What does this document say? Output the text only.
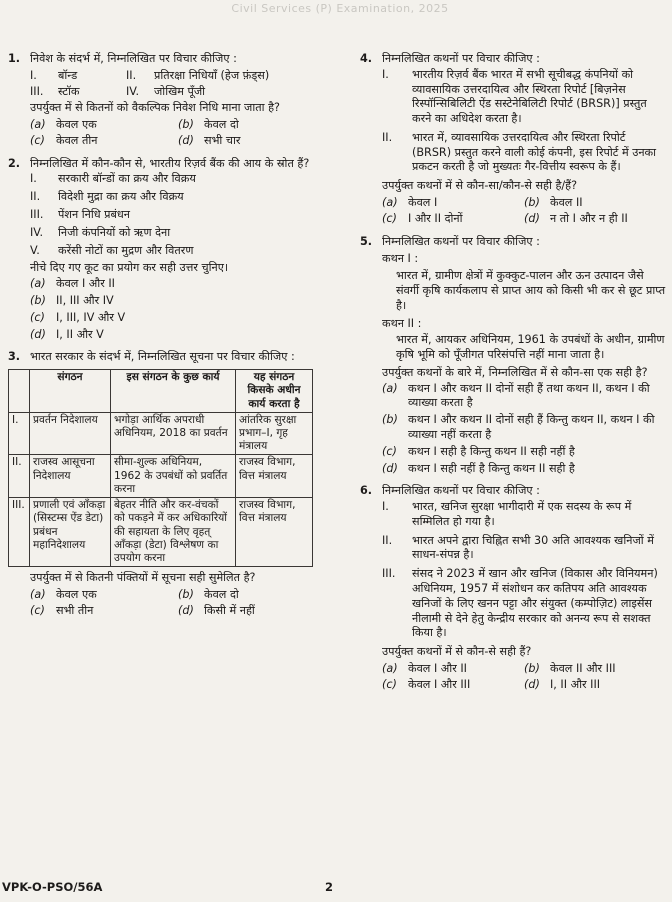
Civil Services (P) Examination, 2025
1. निवेश के संदर्भ में, निम्नलिखित पर विचार कीजिए :
I.	बॉन्ड	II.	प्रतिरक्षा निधियाँ (हेज फ़ंड्स)
III.	स्टॉक	IV.	जोखिम पूँजी
उपर्युक्त में से कितनों को वैकल्पिक निवेश निधि माना जाता है?
(a) केवल एक	(b) केवल दो
(c) केवल तीन	(d) सभी चार
2. निम्नलिखित में कौन-कौन से, भारतीय रिज़र्व बैंक की आय के स्रोत हैं?
I.	सरकारी बॉन्डों का क्रय और विक्रय
II.	विदेशी मुद्रा का क्रय और विक्रय
III.	पेंशन निधि प्रबंधन
IV.	निजी कंपनियों को ऋण देना
V.	करेंसी नोटों का मुद्रण और वितरण
नीचे दिए गए कूट का प्रयोग कर सही उत्तर चुनिए।
(a) केवल I और II
(b) II, III और IV
(c) I, III, IV और V
(d) I, II और V
3. भारत सरकार के संदर्भ में, निम्नलिखित सूचना पर विचार कीजिए :
	संगठन	इस संगठन के कुछ कार्य	यह संगठन किसके अधीन कार्य करता है
I.	प्रवर्तन निदेशालय	भगोड़ा आर्थिक अपराधी अधिनियम, 2018 का प्रवर्तन	आंतरिक सुरक्षा प्रभाग–I, गृह मंत्रालय
II.	राजस्व आसूचना निदेशालय	सीमा-शुल्क अधिनियम, 1962 के उपबंधों को प्रवर्तित करना	राजस्व विभाग, वित्त मंत्रालय
III.	प्रणाली एवं आँकड़ा (सिस्टम्स ऐंड डेटा) प्रबंधन महानिदेशालय	बेहतर नीति और कर-वंचकों को पकड़ने में कर अधिकारियों की सहायता के लिए वृहत् आँकड़ा (डेटा) विश्लेषण का उपयोग करना	राजस्व विभाग, वित्त मंत्रालय
उपर्युक्त में से कितनी पंक्तियों में सूचना सही सुमेलित है?
(a) केवल एक	(b) केवल दो
(c) सभी तीन	(d) किसी में नहीं
4. निम्नलिखित कथनों पर विचार कीजिए :
I.	भारतीय रिज़र्व बैंक भारत में सभी सूचीबद्ध कंपनियों को व्यावसायिक उत्तरदायित्व और स्थिरता रिपोर्ट [बिज़नेस रिस्पॉन्सिबिलिटी ऐंड सस्टेनेबिलिटी रिपोर्ट (BRSR)] प्रस्तुत करने का अधिदेश करता है।
II.	भारत में, व्यावसायिक उत्तरदायित्व और स्थिरता रिपोर्ट (BRSR) प्रस्तुत करने वाली कोई कंपनी, इस रिपोर्ट में उनका प्रकटन करती है जो मुख्यतः गैर-वित्तीय स्वरूप के हैं।
उपर्युक्त कथनों में से कौन-सा/कौन-से सही है/हैं?
(a) केवल I	(b) केवल II
(c) I और II दोनों	(d) न तो I और न ही II
5. निम्नलिखित कथनों पर विचार कीजिए :
कथन I :
भारत में, ग्रामीण क्षेत्रों में कुक्कुट-पालन और ऊन उत्पादन जैसे संवर्गी कृषि कार्यकलाप से प्राप्त आय को किसी भी कर से छूट प्राप्त है।
कथन II :
भारत में, आयकर अधिनियम, 1961 के उपबंधों के अधीन, ग्रामीण कृषि भूमि को पूँजीगत परिसंपत्ति नहीं माना जाता है।
उपर्युक्त कथनों के बारे में, निम्नलिखित में से कौन-सा एक सही है?
(a) कथन I और कथन II दोनों सही हैं तथा कथन II, कथन I की व्याख्या करता है
(b) कथन I और कथन II दोनों सही हैं किन्तु कथन II, कथन I की व्याख्या नहीं करता है
(c) कथन I सही है किन्तु कथन II सही नहीं है
(d) कथन I सही नहीं है किन्तु कथन II सही है
6. निम्नलिखित कथनों पर विचार कीजिए :
I.	भारत, खनिज सुरक्षा भागीदारी में एक सदस्य के रूप में सम्मिलित हो गया है।
II.	भारत अपने द्वारा चिह्नित सभी 30 अति आवश्यक खनिजों में साधन-संपन्न है।
III.	संसद ने 2023 में खान और खनिज (विकास और विनियमन) अधिनियम, 1957 में संशोधन कर कतिपय अति आवश्यक खनिजों के लिए खनन पट्टा और संयुक्त (कम्पोज़िट) लाइसेंस नीलामी से देने हेतु केन्द्रीय सरकार को अनन्य रूप से सशक्त किया है।
उपर्युक्त कथनों में से कौन-से सही हैं?
(a) केवल I और II	(b) केवल II और III
(c) केवल I और III	(d) I, II और III
VPK-O-PSO/56A	2
